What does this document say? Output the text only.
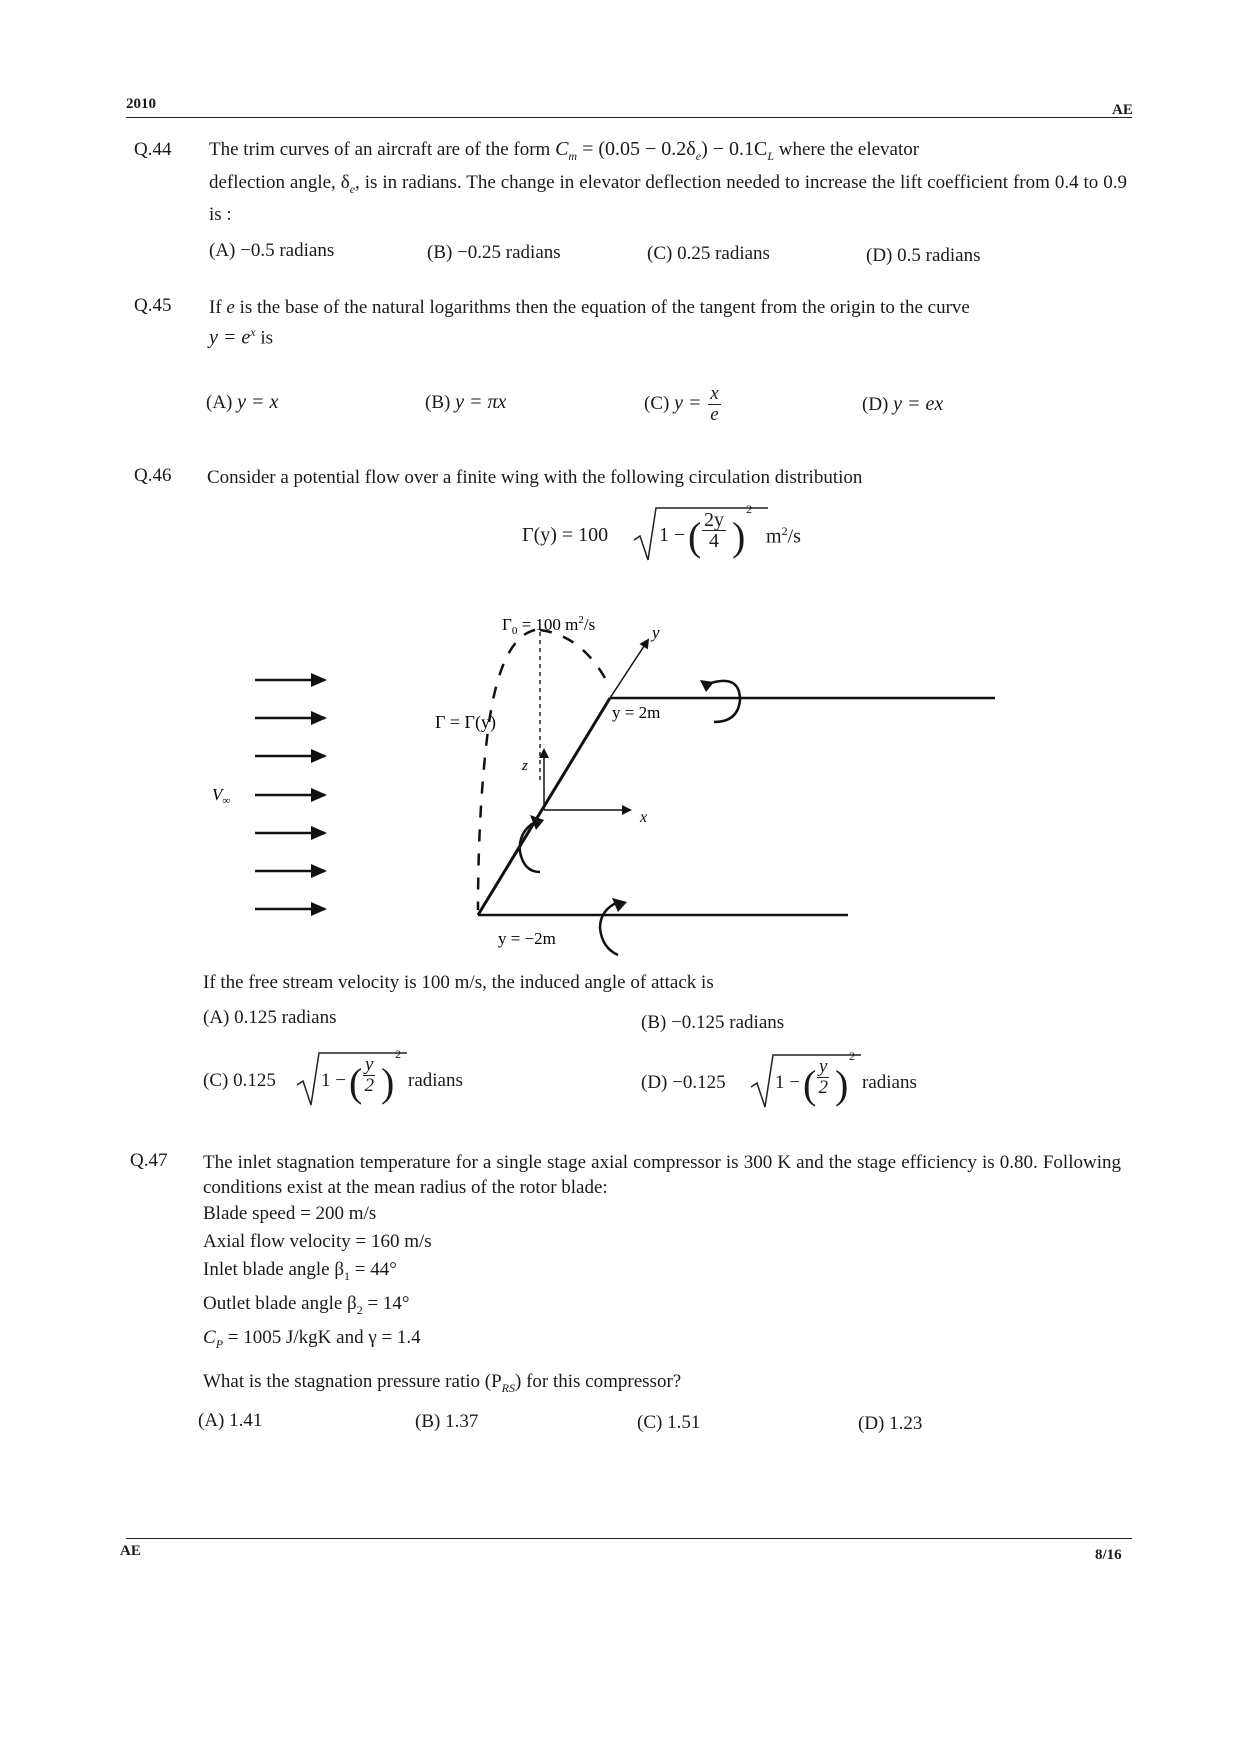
2010	AE
Q.44 The trim curves of an aircraft are of the form $C_m = (0.05 - 0.2\delta_e) - 0.1C_L$ where the elevator
deflection angle, $\delta_e$, is in radians. The change in elevator deflection needed to increase the lift coefficient from 0.4 to 0.9 is :
(A) −0.5 radians	(B) −0.25 radians	(C) 0.25 radians	(D) 0.5 radians
Q.45 If e is the base of the natural logarithms then the equation of the tangent from the origin to the curve
$y = e^x$ is
(A) y = x	(B) y = πx	(C) $y = \frac{x}{e}$	(D) y = ex
Q.46 Consider a potential flow over a finite wing with the following circulation distribution
Γ(y) = 100	1 − ( $\frac{2y}{4}$ )
2
$m^2/s$
$V_\infty$
$\Gamma_0 = 100$ $m^2/s$
Γ = Γ(y)
y
z
x
y = 2m
y = −2m
If the free stream velocity is 100 m/s, the induced angle of attack is
(A) 0.125 radians	(B) −0.125 radians
(C) 0.125 1 − ( $\frac{y}{2}$ )
2
radians	(D) −0.125	1 − ( $\frac{y}{2}$ )
2
radians
Q.47 The inlet stagnation temperature for a single stage axial compressor is 300 K and the stage efficiency is 0.80. Following conditions exist at the mean radius of the rotor blade:
Blade speed = 200 m/s
Axial flow velocity = 160 m/s
Inlet blade angle $\beta_1 = 44^\circ$
Outlet blade angle $\beta_2 = 14^\circ$
$C_P = 1005$ J/kgK and γ = 1.4
What is the stagnation pressure ratio $(P_{RS})$ for this compressor?
(A) 1.41	(B) 1.37	(C) 1.51	(D) 1.23
AE	8/16
